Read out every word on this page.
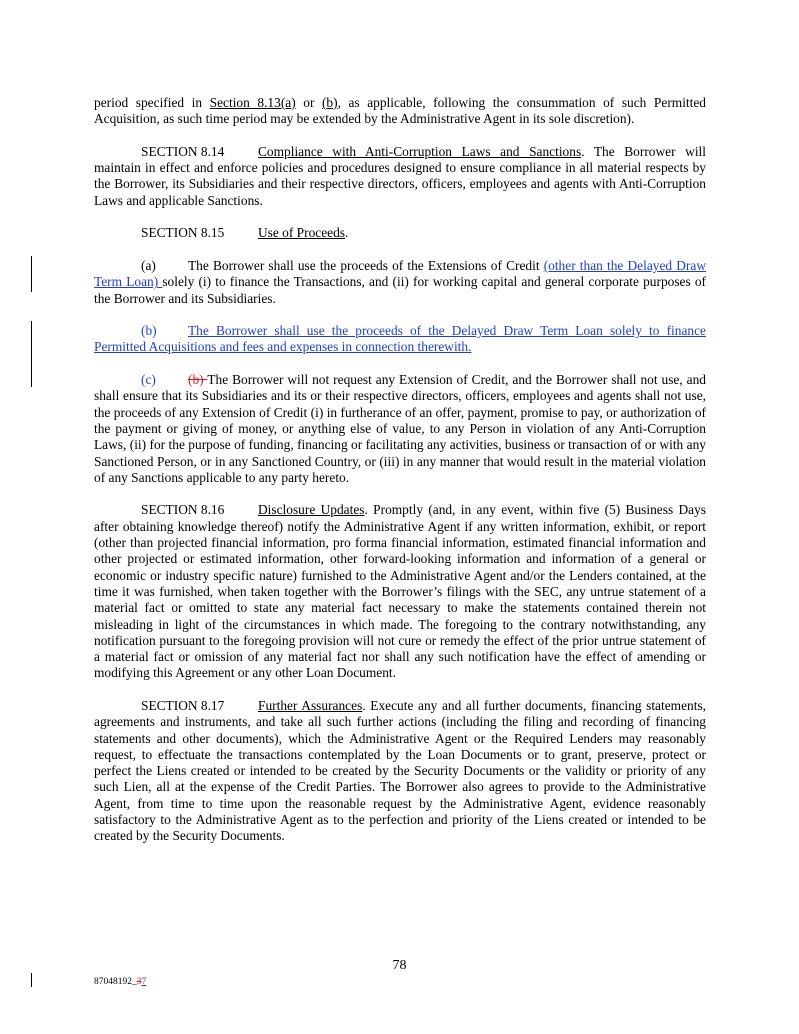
period specified in Section 8.13(a) or (b), as applicable, following the consummation of such Permitted Acquisition, as such time period may be extended by the Administrative Agent in its sole discretion).

SECTION 8.14	Compliance with Anti-Corruption Laws and Sanctions. The Borrower will maintain in effect and enforce policies and procedures designed to ensure compliance in all material respects by the Borrower, its Subsidiaries and their respective directors, officers, employees and agents with Anti-Corruption Laws and applicable Sanctions.

SECTION 8.15	Use of Proceeds.

(a) The Borrower shall use the proceeds of the Extensions of Credit (other than the Delayed Draw Term Loan) solely (i) to finance the Transactions, and (ii) for working capital and general corporate purposes of the Borrower and its Subsidiaries.

(b) The Borrower shall use the proceeds of the Delayed Draw Term Loan solely to finance Permitted Acquisitions and fees and expenses in connection therewith.

(c) (b) The Borrower will not request any Extension of Credit, and the Borrower shall not use, and shall ensure that its Subsidiaries and its or their respective directors, officers, employees and agents shall not use, the proceeds of any Extension of Credit (i) in furtherance of an offer, payment, promise to pay, or authorization of the payment or giving of money, or anything else of value, to any Person in violation of any Anti-Corruption Laws, (ii) for the purpose of funding, financing or facilitating any activities, business or transaction of or with any Sanctioned Person, or in any Sanctioned Country, or (iii) in any manner that would result in the material violation of any Sanctions applicable to any party hereto.

SECTION 8.16	Disclosure Updates. Promptly (and, in any event, within five (5) Business Days after obtaining knowledge thereof) notify the Administrative Agent if any written information, exhibit, or report (other than projected financial information, pro forma financial information, estimated financial information and other projected or estimated information, other forward-looking information and information of a general or economic or industry specific nature) furnished to the Administrative Agent and/or the Lenders contained, at the time it was furnished, when taken together with the Borrower’s filings with the SEC, any untrue statement of a material fact or omitted to state any material fact necessary to make the statements contained therein not misleading in light of the circumstances in which made. The foregoing to the contrary notwithstanding, any notification pursuant to the foregoing provision will not cure or remedy the effect of the prior untrue statement of a material fact or omission of any material fact nor shall any such notification have the effect of amending or modifying this Agreement or any other Loan Document.

SECTION 8.17	Further Assurances. Execute any and all further documents, financing statements, agreements and instruments, and take all such further actions (including the filing and recording of financing statements and other documents), which the Administrative Agent or the Required Lenders may reasonably request, to effectuate the transactions contemplated by the Loan Documents or to grant, preserve, protect or perfect the Liens created or intended to be created by the Security Documents or the validity or priority of any such Lien, all at the expense of the Credit Parties. The Borrower also agrees to provide to the Administrative Agent, from time to time upon the reasonable request by the Administrative Agent, evidence reasonably satisfactory to the Administrative Agent as to the perfection and priority of the Liens created or intended to be created by the Security Documents.

78
87048192_37
